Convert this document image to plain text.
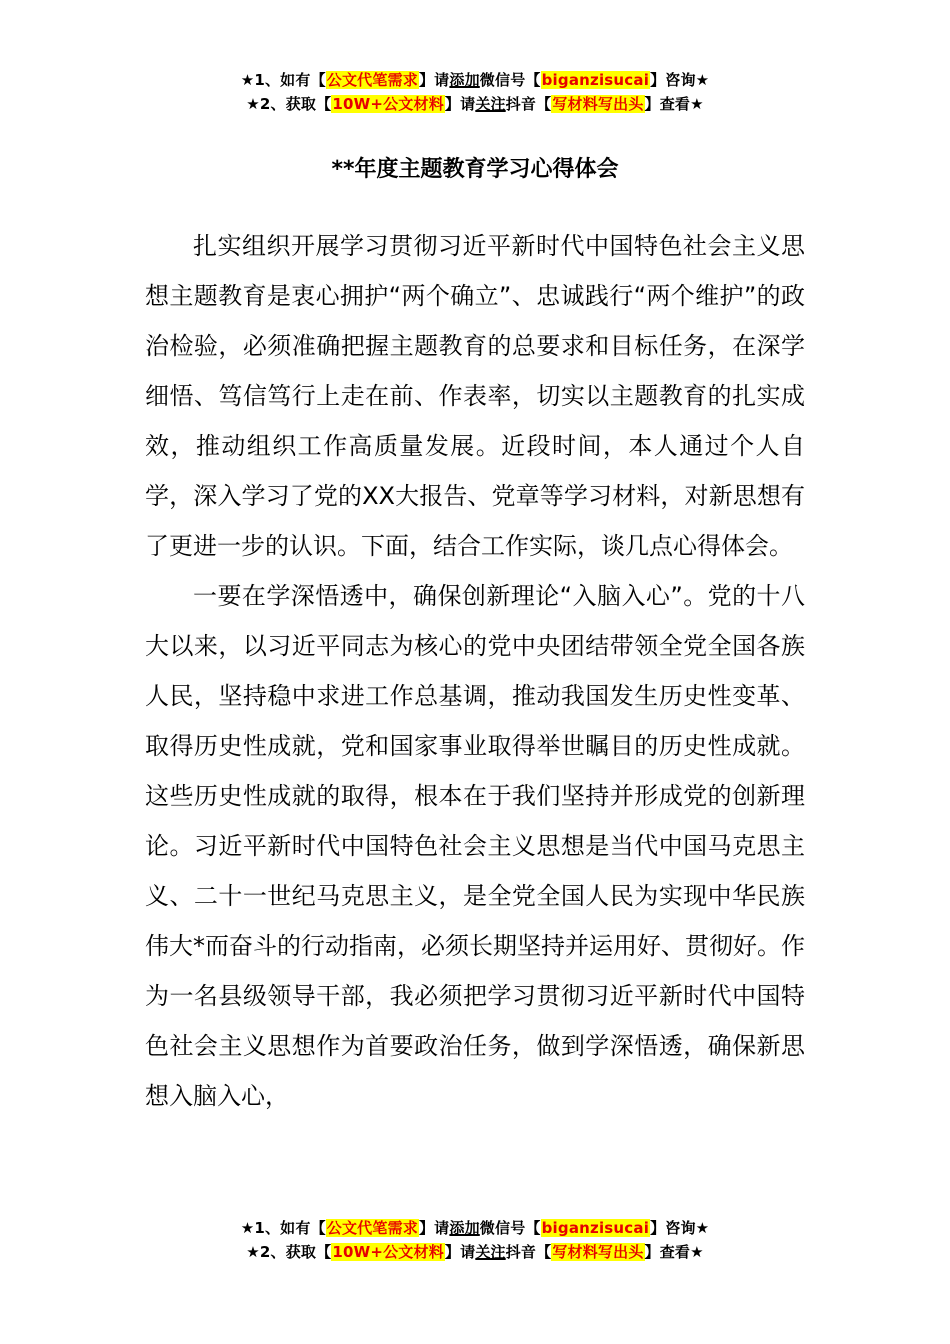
★1、如有【公文代笔需求】请添加微信号【biganzisucai】咨询★
★2、获取【10W+公文材料】请关注抖音【写材料写出头】查看★
**年度主题教育学习心得体会

扎实组织开展学习贯彻习近平新时代中国特色社会主义思想主题教育是衷心拥护“两个确立”、忠诚践行“两个维护”的政治检验，必须准确把握主题教育的总要求和目标任务，在深学细悟、笃信笃行上走在前、作表率，切实以主题教育的扎实成效，推动组织工作高质量发展。近段时间，本人通过个人自学，深入学习了党的XX大报告、党章等学习材料，对新思想有了更进一步的认识。下面，结合工作实际，谈几点心得体会。

一要在学深悟透中，确保创新理论“入脑入心”。党的十八大以来，以习近平同志为核心的党中央团结带领全党全国各族人民，坚持稳中求进工作总基调，推动我国发生历史性变革、取得历史性成就，党和国家事业取得举世瞩目的历史性成就。这些历史性成就的取得，根本在于我们坚持并形成党的创新理论。习近平新时代中国特色社会主义思想是当代中国马克思主义、二十一世纪马克思主义，是全党全国人民为实现中华民族伟大*而奋斗的行动指南，必须长期坚持并运用好、贯彻好。作为一名县级领导干部，我必须把学习贯彻习近平新时代中国特色社会主义思想作为首要政治任务，做到学深悟透，确保新思想入脑入心，

★1、如有【公文代笔需求】请添加微信号【biganzisucai】咨询★
★2、获取【10W+公文材料】请关注抖音【写材料写出头】查看★
